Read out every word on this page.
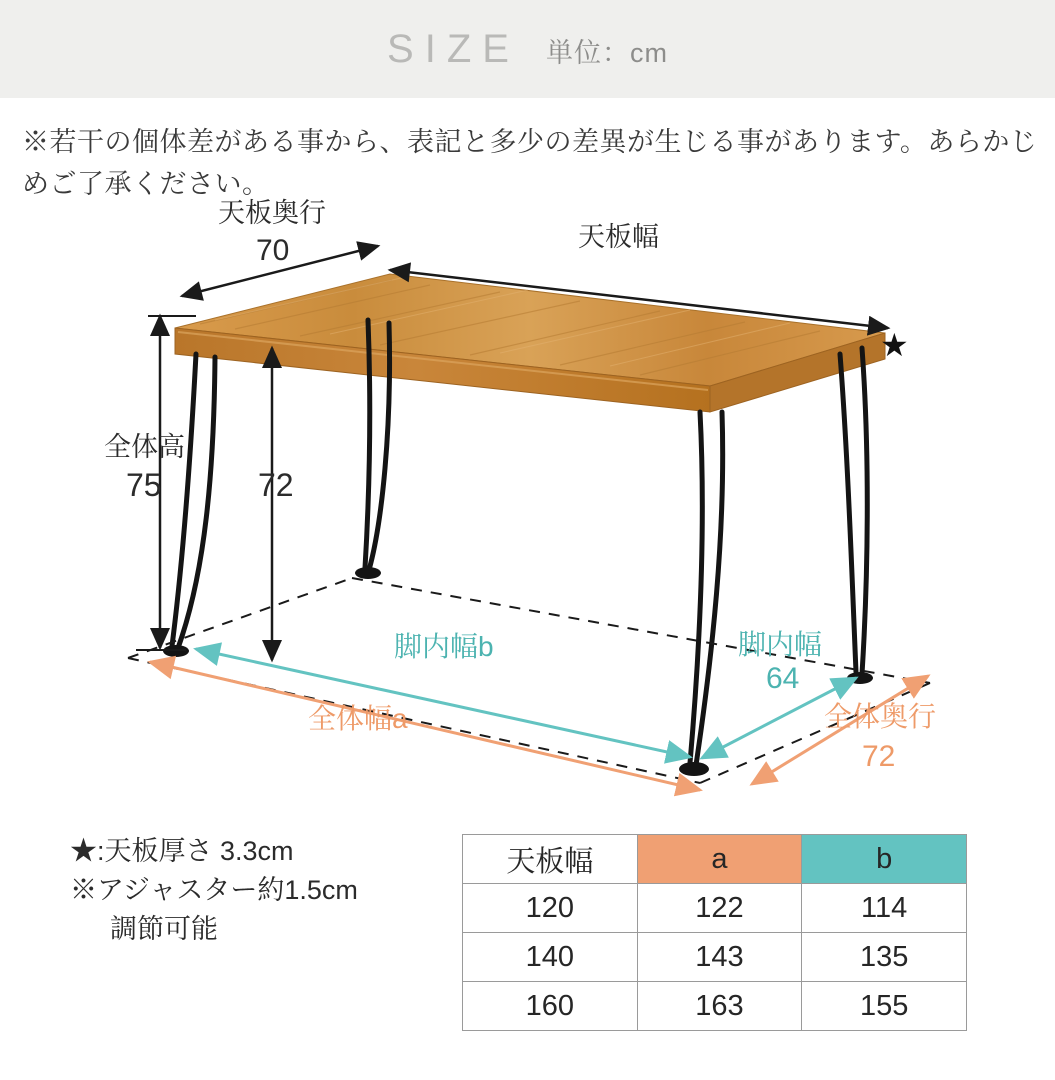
SIZE 単位：cm
※若干の個体差がある事から、表記と多少の差異が生じる事があります。あらかじめご了承ください。
天板奥行
70	天板幅
★
全体高
75	72
脚内幅b	脚内幅
64
全体幅a	全体奥行
72
★:天板厚さ 3.3cm
※アジャスター約1.5cm
調節可能
天板幅	a	b
120	122	114
140	143	135
160	163	155
